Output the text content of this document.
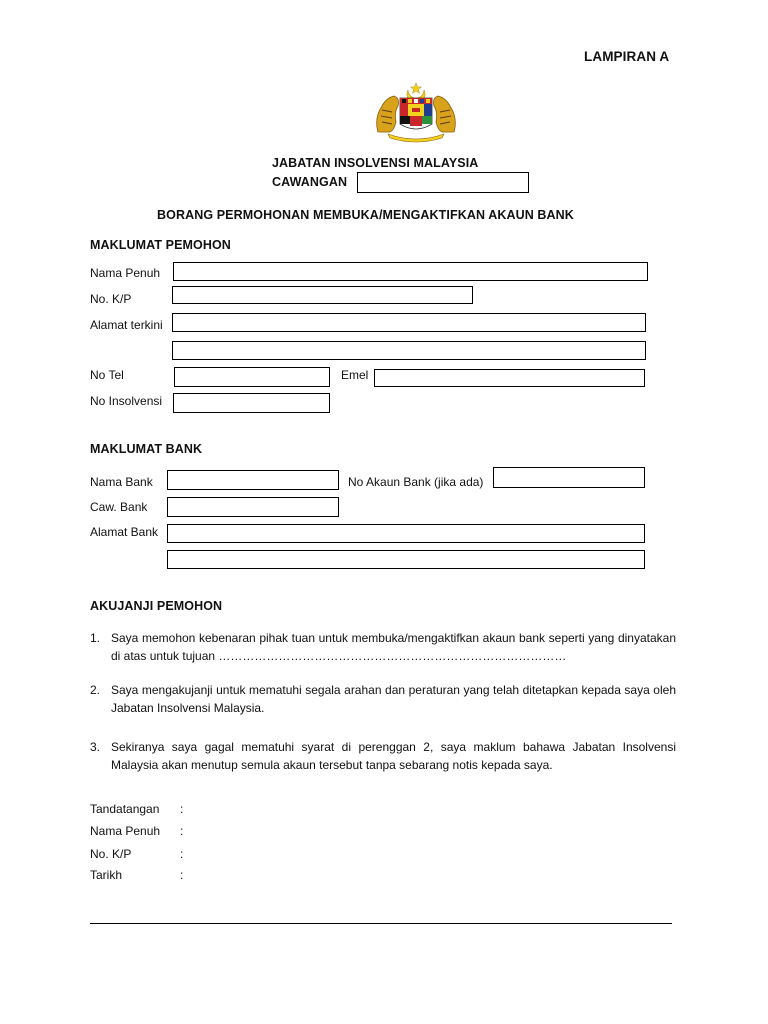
LAMPIRAN A
JABATAN INSOLVENSI MALAYSIA
CAWANGAN
BORANG PERMOHONAN MEMBUKA/MENGAKTIFKAN AKAUN BANK
MAKLUMAT PEMOHON
Nama Penuh
No. K/P
Alamat terkini
No Tel	Emel
No Insolvensi
MAKLUMAT BANK
Nama Bank	No Akaun Bank (jika ada)
Caw. Bank
Alamat Bank
AKUJANJI PEMOHON
1. Saya memohon kebenaran pihak tuan untuk membuka/mengaktifkan akaun bank seperti yang dinyatakan di atas untuk tujuan ……………………………………………………………………………
2. Saya mengakujanji untuk mematuhi segala arahan dan peraturan yang telah ditetapkan kepada saya oleh Jabatan Insolvensi Malaysia.
3. Sekiranya saya gagal mematuhi syarat di perenggan 2, saya maklum bahawa Jabatan Insolvensi Malaysia akan menutup semula akaun tersebut tanpa sebarang notis kepada saya.
Tandatangan :
Nama Penuh :
No. K/P	:
Tarikh	:
